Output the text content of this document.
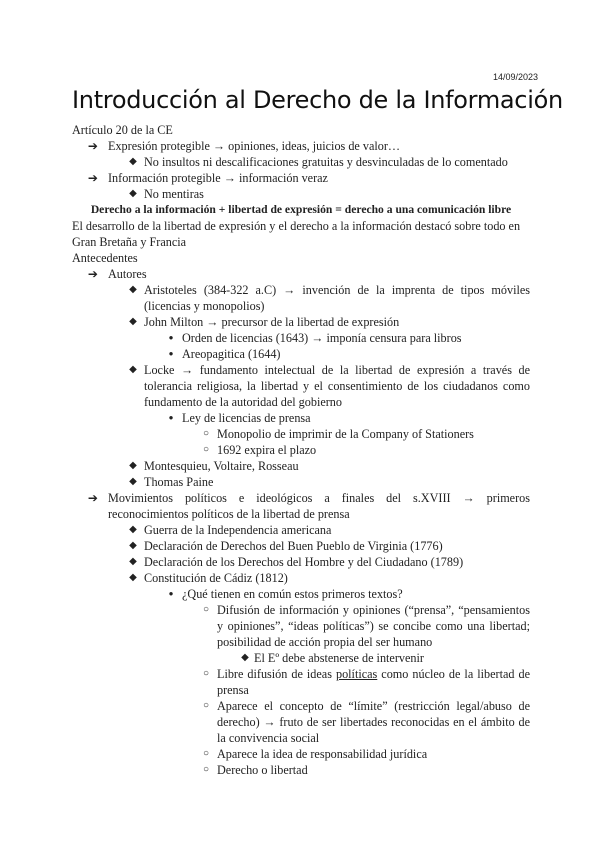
14/09/2023
Introducción al Derecho de la Información
Artículo 20 de la CE
➔ Expresión protegible → opiniones, ideas, juicios de valor…
◆ No insultos ni descalificaciones gratuitas y desvinculadas de lo comentado
➔ Información protegible → información veraz
◆ No mentiras
Derecho a la información + libertad de expresión = derecho a una comunicación libre
El desarrollo de la libertad de expresión y el derecho a la información destacó sobre todo en Gran Bretaña y Francia
Antecedentes
➔ Autores
◆ Aristoteles (384-322 a.C) → invención de la imprenta de tipos móviles (licencias y monopolios)
◆ John Milton → precursor de la libertad de expresión
● Orden de licencias (1643) → imponía censura para libros
● Areopagitica (1644)
◆ Locke → fundamento intelectual de la libertad de expresión a través de tolerancia religiosa, la libertad y el consentimiento de los ciudadanos como fundamento de la autoridad del gobierno
● Ley de licencias de prensa
○ Monopolio de imprimir de la Company of Stationers
○ 1692 expira el plazo
◆ Montesquieu, Voltaire, Rosseau
◆ Thomas Paine
➔ Movimientos políticos e ideológicos a finales del s.XVIII → primeros reconocimientos políticos de la libertad de prensa
◆ Guerra de la Independencia americana
◆ Declaración de Derechos del Buen Pueblo de Virginia (1776)
◆ Declaración de los Derechos del Hombre y del Ciudadano (1789)
◆ Constitución de Cádiz (1812)
● ¿Qué tienen en común estos primeros textos?
○ Difusión de información y opiniones (“prensa”, “pensamientos y opiniones”, “ideas políticas”) se concibe como una libertad; posibilidad de acción propia del ser humano
◆ El Eº debe abstenerse de intervenir
○ Libre difusión de ideas políticas como núcleo de la libertad de prensa
○ Aparece el concepto de “límite” (restricción legal/abuso de derecho) → fruto de ser libertades reconocidas en el ámbito de la convivencia social
○ Aparece la idea de responsabilidad jurídica
○ Derecho o libertad
